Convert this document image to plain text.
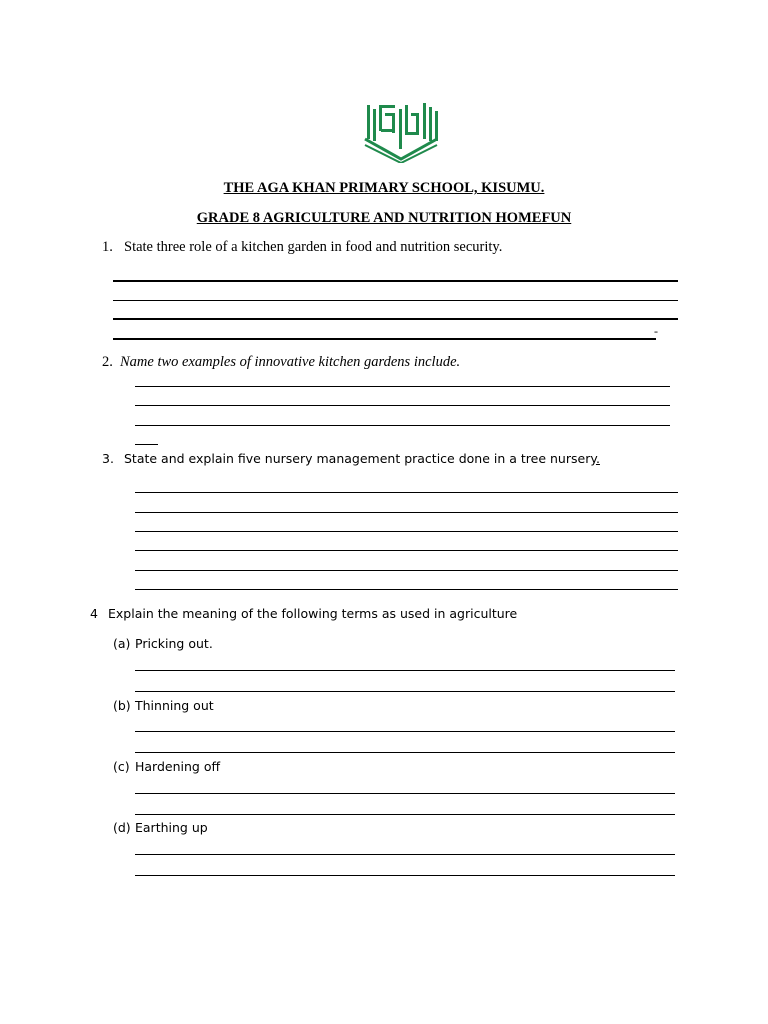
THE AGA KHAN PRIMARY SCHOOL, KISUMU.
GRADE 8 AGRICULTURE AND NUTRITION HOMEFUN
1. State three role of a kitchen garden in food and nutrition security.
-
2. Name two examples of innovative kitchen gardens include.
3. State and explain five nursery management practice done in a tree nursery.
4 Explain the meaning of the following terms as used in agriculture
(a) Pricking out.
(b) Thinning out
(c) Hardening off
(d) Earthing up
